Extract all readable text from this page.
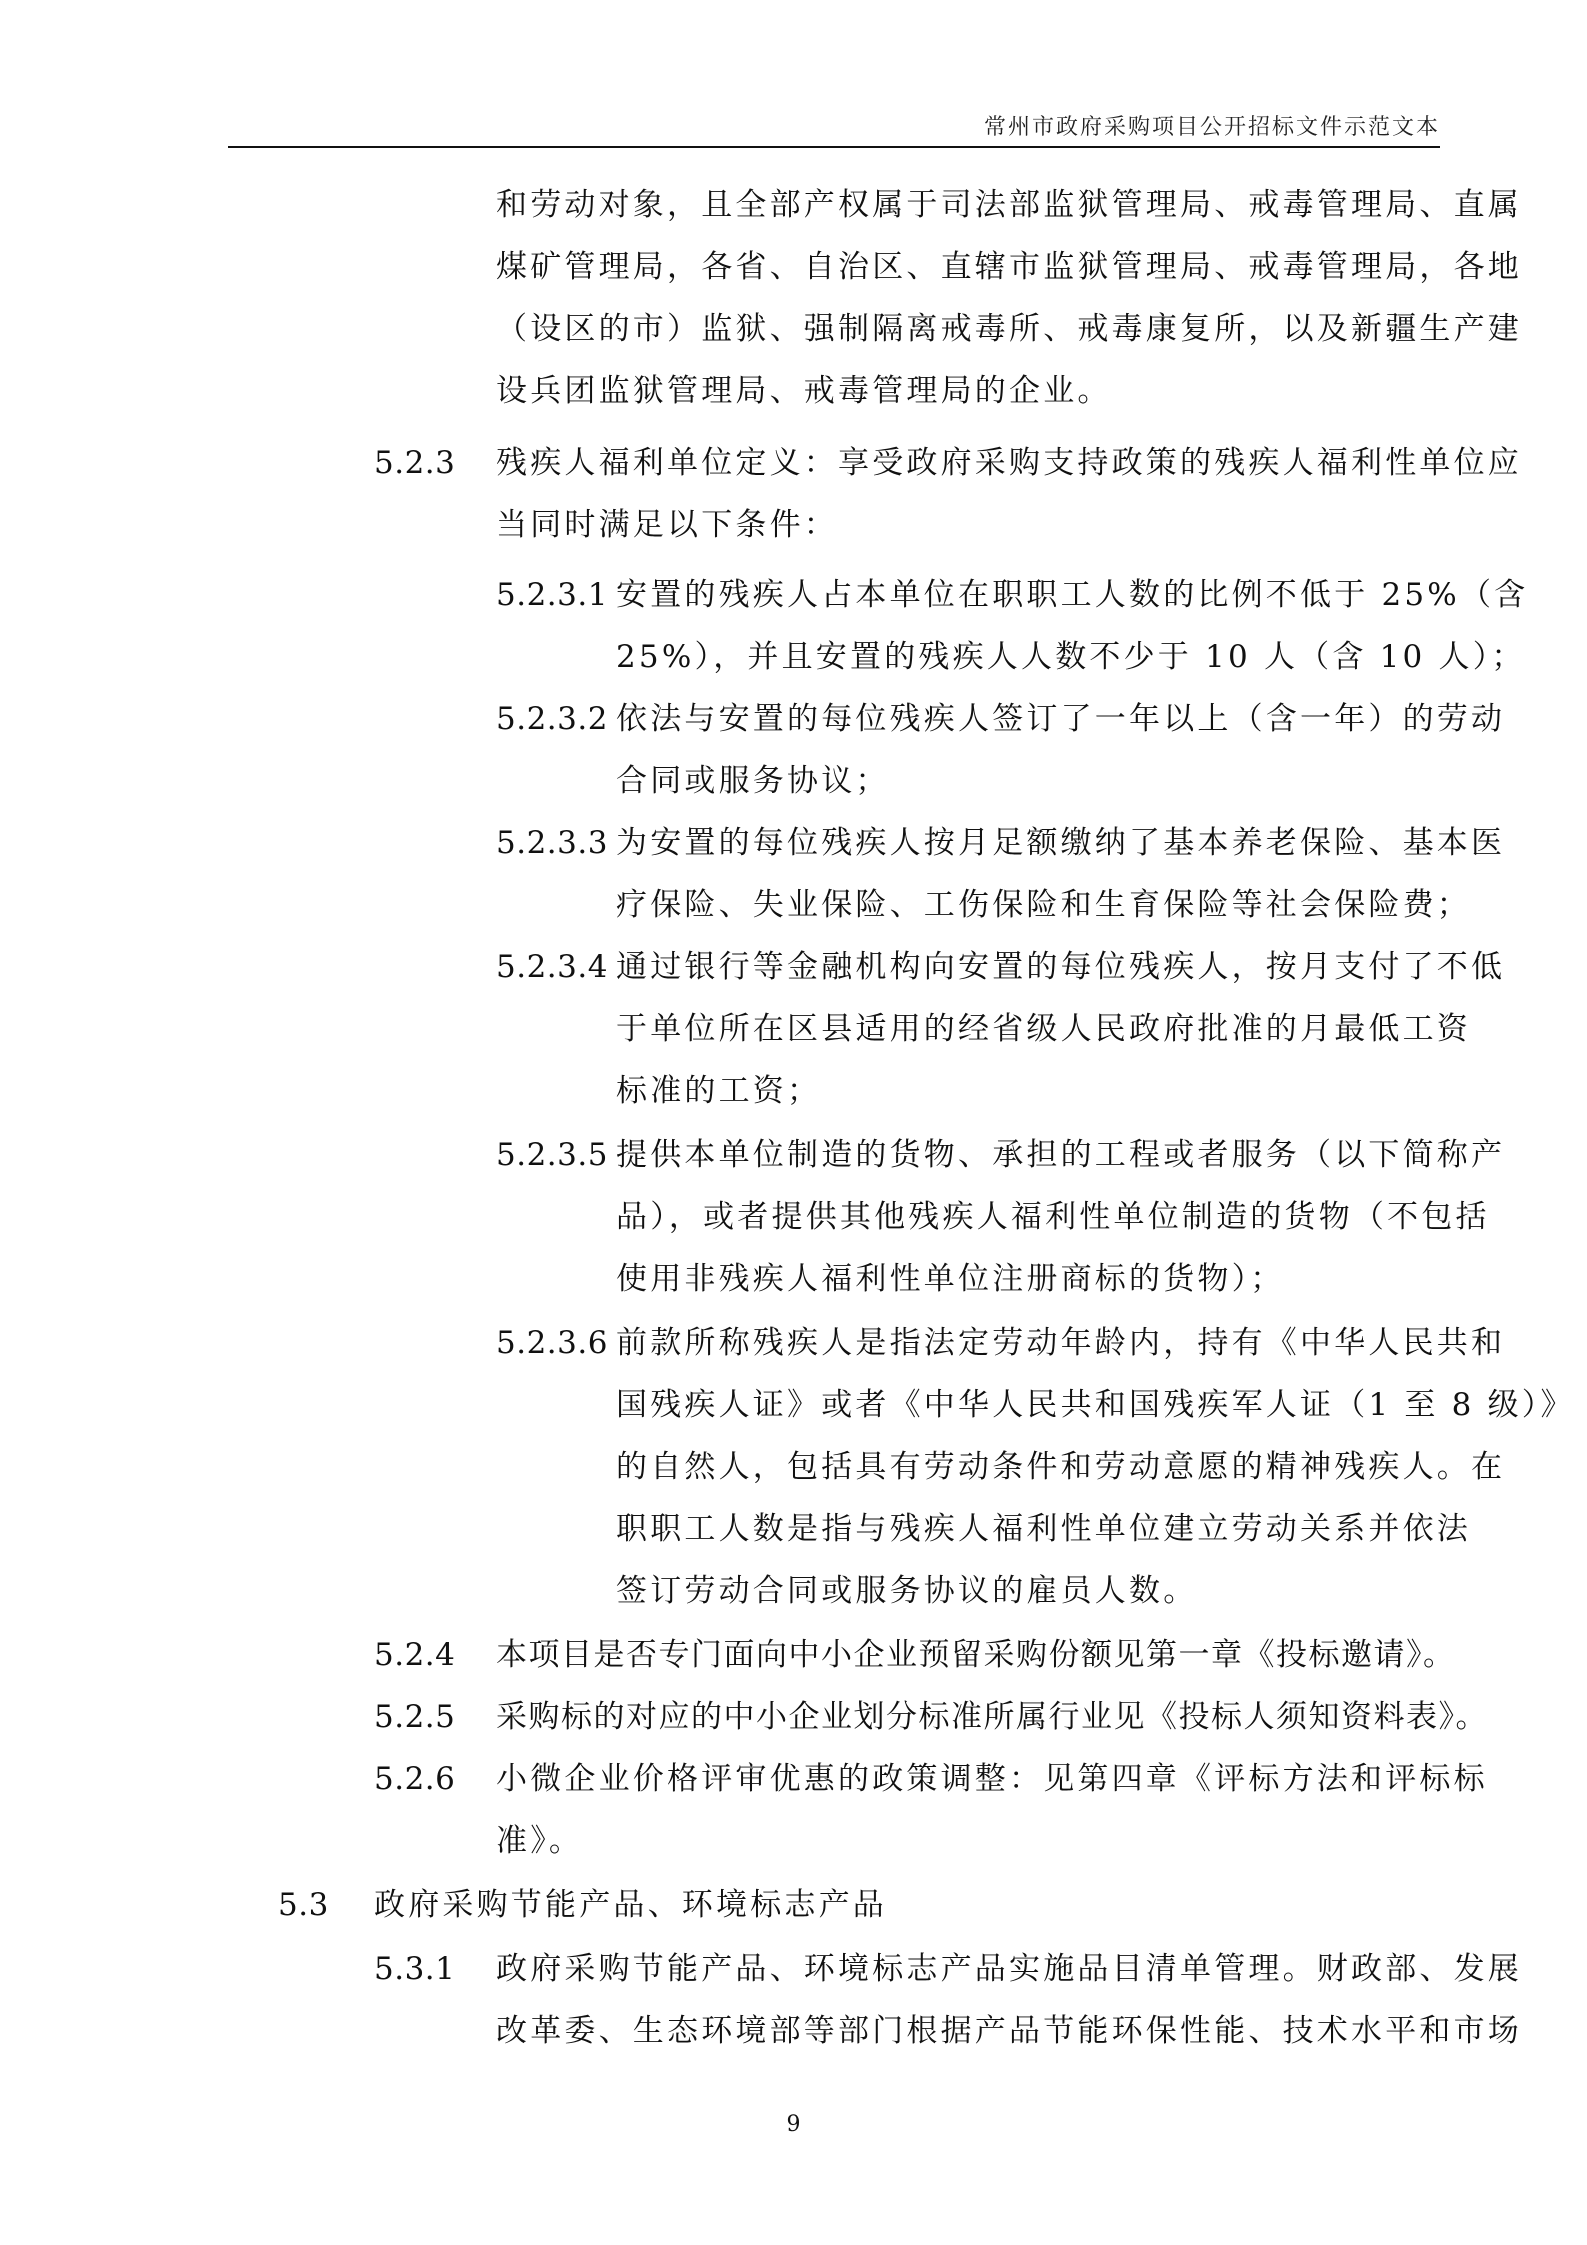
常州市政府采购项目公开招标文件示范文本
和劳动对象，且全部产权属于司法部监狱管理局、戒毒管理局、直属
煤矿管理局，各省、自治区、直辖市监狱管理局、戒毒管理局，各地
（设区的市）监狱、强制隔离戒毒所、戒毒康复所，以及新疆生产建
设兵团监狱管理局、戒毒管理局的企业。
5.2.3 残疾人福利单位定义：享受政府采购支持政策的残疾人福利性单位应
当同时满足以下条件：
5.2.3.1 安置的残疾人占本单位在职职工人数的比例不低于 25%（含
25%），并且安置的残疾人人数不少于 10 人（含 10 人）；
5.2.3.2 依法与安置的每位残疾人签订了一年以上（含一年）的劳动
合同或服务协议；
5.2.3.3 为安置的每位残疾人按月足额缴纳了基本养老保险、基本医
疗保险、失业保险、工伤保险和生育保险等社会保险费；
5.2.3.4 通过银行等金融机构向安置的每位残疾人，按月支付了不低
于单位所在区县适用的经省级人民政府批准的月最低工资
标准的工资；
5.2.3.5 提供本单位制造的货物、承担的工程或者服务（以下简称产
品），或者提供其他残疾人福利性单位制造的货物（不包括
使用非残疾人福利性单位注册商标的货物）；
5.2.3.6 前款所称残疾人是指法定劳动年龄内，持有《中华人民共和
国残疾人证》或者《中华人民共和国残疾军人证（1 至 8 级）》
的自然人，包括具有劳动条件和劳动意愿的精神残疾人。在
职职工人数是指与残疾人福利性单位建立劳动关系并依法
签订劳动合同或服务协议的雇员人数。
5.2.4 本项目是否专门面向中小企业预留采购份额见第一章《投标邀请》。
5.2.5 采购标的对应的中小企业划分标准所属行业见《投标人须知资料表》。
5.2.6 小微企业价格评审优惠的政策调整：见第四章《评标方法和评标标
准》。
5.3 政府采购节能产品、环境标志产品
5.3.1 政府采购节能产品、环境标志产品实施品目清单管理。财政部、发展
改革委、生态环境部等部门根据产品节能环保性能、技术水平和市场
9
